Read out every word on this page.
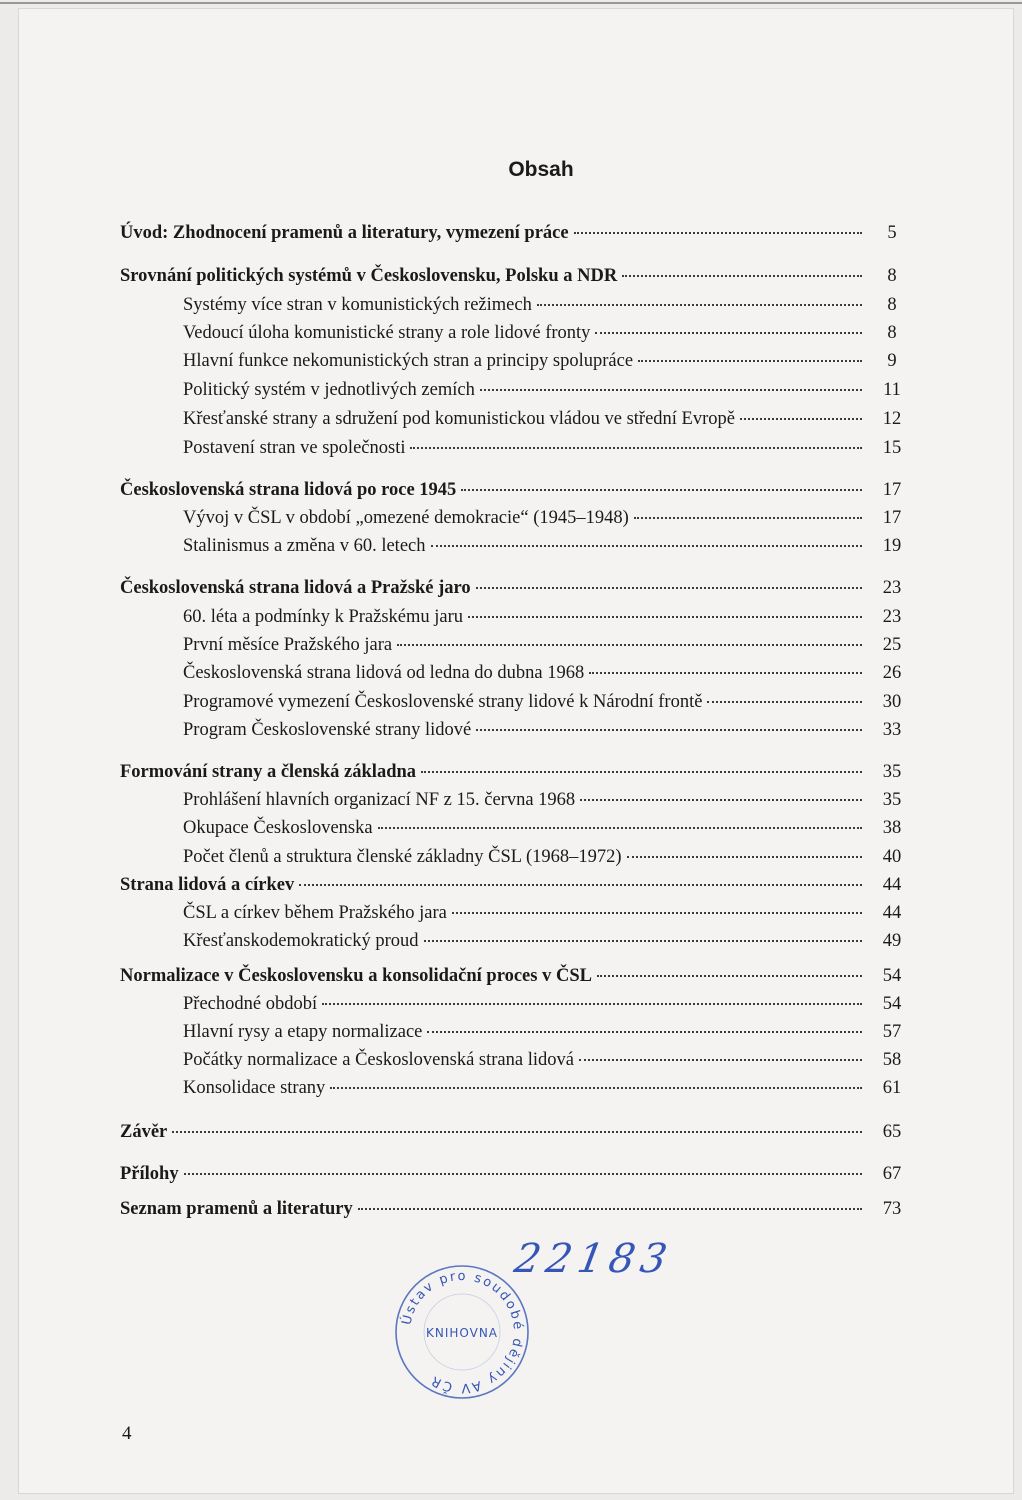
Obsah
Úvod: Zhodnocení pramenů a literatury, vymezení práce	5
Srovnání politických systémů v Československu, Polsku a NDR	8
Systémy více stran v komunistických režimech	8
Vedoucí úloha komunistické strany a role lidové fronty	8
Hlavní funkce nekomunistických stran a principy spolupráce	9
Politický systém v jednotlivých zemích	11
Křesťanské strany a sdružení pod komunistickou vládou ve střední Evropě	12
Postavení stran ve společnosti	15
Československá strana lidová po roce 1945	17
Vývoj v ČSL v období „omezené demokracie“ (1945–1948)	17
Stalinismus a změna v 60. letech	19
Československá strana lidová a Pražské jaro	23
60. léta a podmínky k Pražskému jaru	23
První měsíce Pražského jara	25
Československá strana lidová od ledna do dubna 1968	26
Programové vymezení Československé strany lidové k Národní frontě	30
Program Československé strany lidové	33
Formování strany a členská základna	35
Prohlášení hlavních organizací NF z 15. června 1968	35
Okupace Československa	38
Počet členů a struktura členské základny ČSL (1968–1972)	40
Strana lidová a církev	44
ČSL a církev během Pražského jara	44
Křesťanskodemokratický proud	49
Normalizace v Československu a konsolidační proces v ČSL	54
Přechodné období	54
Hlavní rysy a etapy normalizace	57
Počátky normalizace a Československá strana lidová	58
Konsolidace strany	61
Závěr	65
Přílohy	67
Seznam pramenů a literatury	73
22183
Ústav pro soudobé dějiny AV ČR
KNIHOVNA
4
